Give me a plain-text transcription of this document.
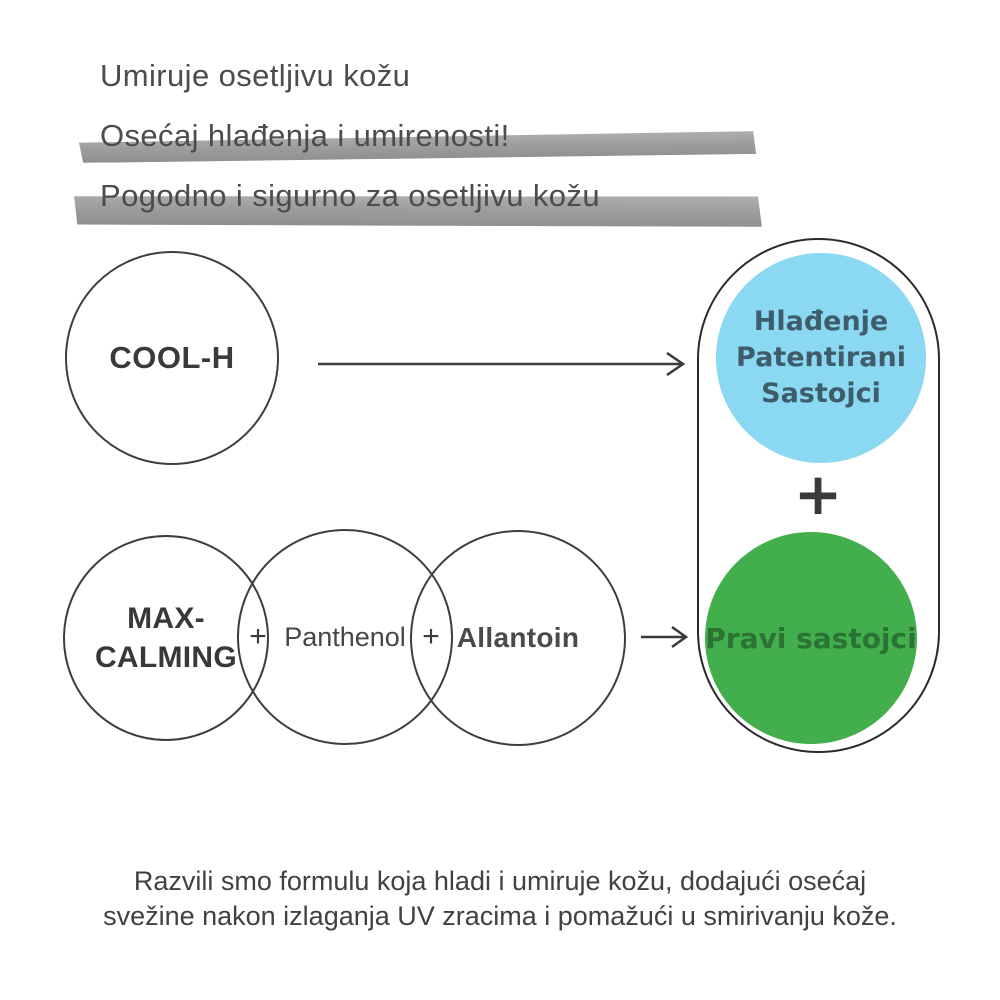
Umiruje osetljivu kožu
Osećaj hlađenja i umirenosti!
Pogodno i sigurno za osetljivu kožu
COOL-H
MAX-
CALMING
Panthenol Allantoin
+	+
Hlađenje
Patentirani
Sastojci
+
Pravi sastojci
Razvili smo formulu koja hladi i umiruje kožu, dodajući osećaj
svežine nakon izlaganja UV zracima i pomažući u smirivanju kože.
